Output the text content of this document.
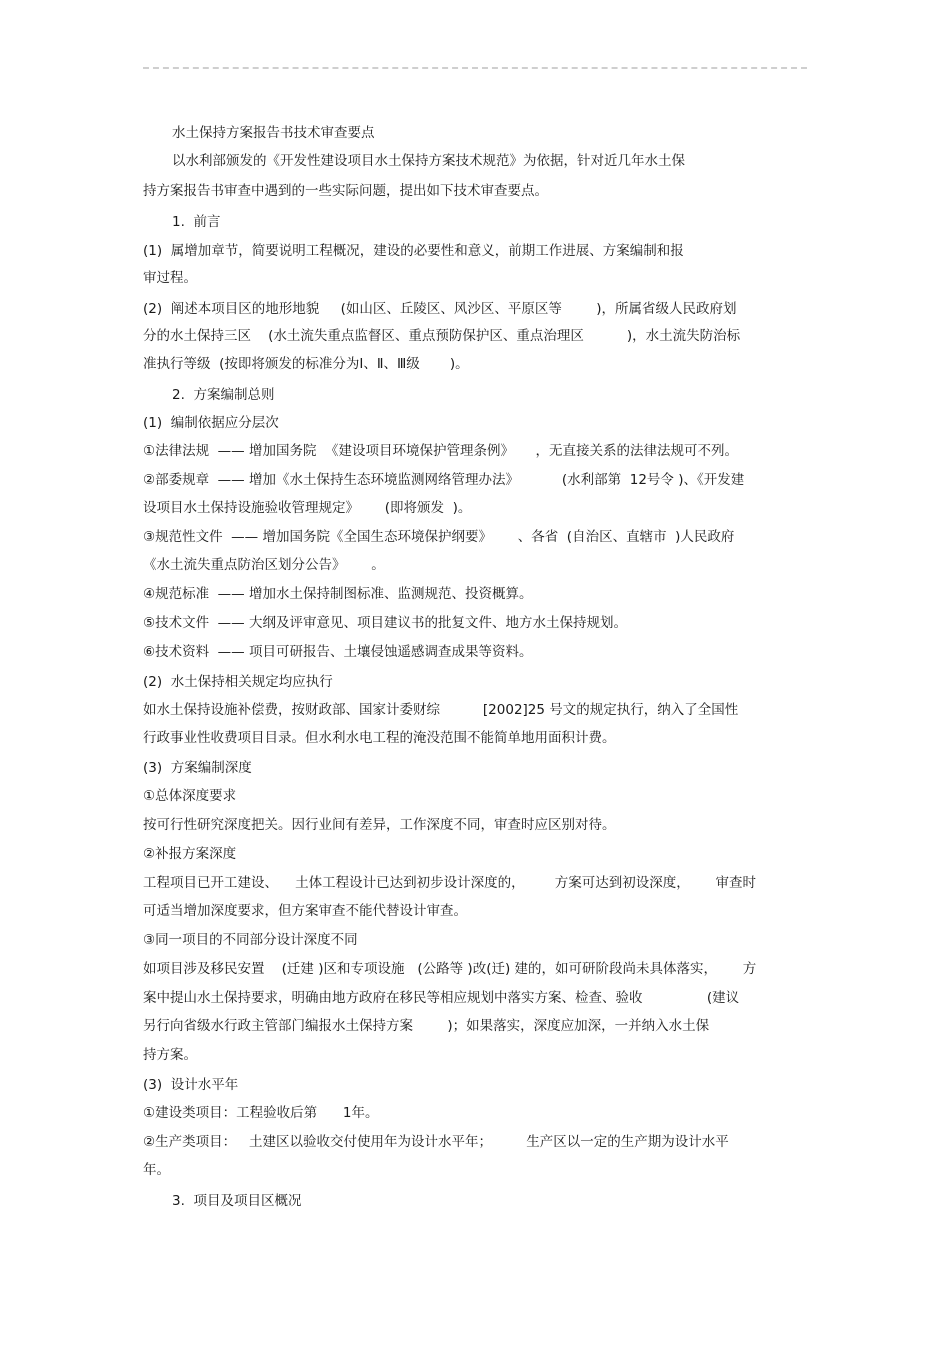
水土保持方案报告书技术审查要点

以水利部颁发的《开发性建设项目水土保持方案技术规范》为依据，针对近几年水土保

持方案报告书审查中遇到的一些实际问题，提出如下技术审查要点。

1.  前言

(1)  属增加章节，简要说明工程概况，建设的必要性和意义，前期工作进展、方案编制和报

审过程。

(2)  阐述本项目区的地形地貌     (如山区、丘陵区、风沙区、平原区等        )，所属省级人民政府划

分的水土保持三区    (水土流失重点监督区、重点预防保护区、重点治理区          )，水土流失防治标

准执行等级  (按即将颁发的标准分为Ⅰ、Ⅱ、Ⅲ级       )。

2.  方案编制总则

(1)  编制依据应分层次

①法律法规  —— 增加国务院  《建设项目环境保护管理条例》     ，无直接关系的法律法规可不列。

②部委规章  —— 增加《水土保持生态环境监测网络管理办法》          (水利部第  12号令 )、《开发建

设项目水土保持设施验收管理规定》      (即将颁发  )。

③规范性文件  —— 增加国务院《全国生态环境保护纲要》      、各省  (自治区、直辖市  )人民政府

《水土流失重点防治区划分公告》      。

④规范标准  —— 增加水土保持制图标准、监测规范、投资概算。

⑤技术文件  —— 大纲及评审意见、项目建议书的批复文件、地方水土保持规划。

⑥技术资料  —— 项目可研报告、土壤侵蚀遥感调查成果等资料。

(2)  水土保持相关规定均应执行

如水土保持设施补偿费，按财政部、国家计委财综          [2002]25 号文的规定执行，纳入了全国性

行政事业性收费项目目录。但水利水电工程的淹没范围不能简单地用面积计费。

(3)  方案编制深度

①总体深度要求

按可行性研究深度把关。因行业间有差异，工作深度不同，审查时应区别对待。

②补报方案深度

工程项目已开工建设、    土体工程设计已达到初步设计深度的，       方案可达到初设深度，      审查时

可适当增加深度要求，但方案审查不能代替设计审查。

③同一项目的不同部分设计深度不同

如项目涉及移民安置    (迁建 )区和专项设施   (公路等 )改(迁) 建的，如可研阶段尚未具体落实，      方

案中提山水土保持要求，明确由地方政府在移民等相应规划中落实方案、检查、验收               (建议

另行向省级水行政主管部门编报水土保持方案        )；如果落实，深度应加深，一并纳入水土保

持方案。

(3)  设计水平年

①建设类项目：工程验收后第      1年。

②生产类项目：   土建区以验收交付使用年为设计水平年；        生产区以一定的生产期为设计水平

年。

3.  项目及项目区概况
